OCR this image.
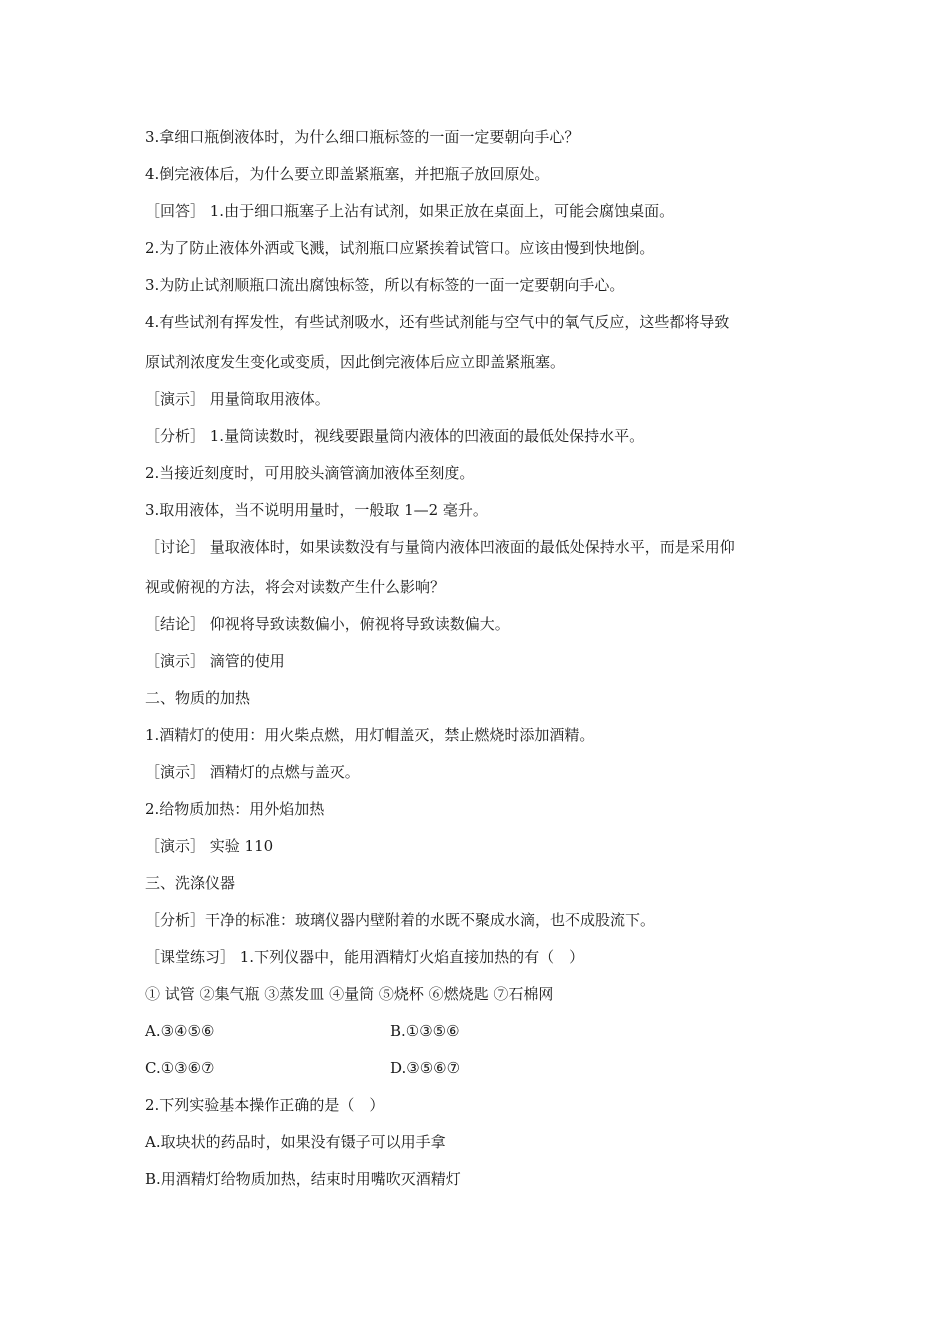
3.拿细口瓶倒液体时，为什么细口瓶标签的一面一定要朝向手心？
4.倒完液体后，为什么要立即盖紧瓶塞，并把瓶子放回原处。
［回答］ 1.由于细口瓶塞子上沾有试剂，如果正放在桌面上，可能会腐蚀桌面。
2.为了防止液体外洒或飞溅，试剂瓶口应紧挨着试管口。应该由慢到快地倒。
3.为防止试剂顺瓶口流出腐蚀标签，所以有标签的一面一定要朝向手心。
4.有些试剂有挥发性，有些试剂吸水，还有些试剂能与空气中的氧气反应，这些都将导致
原试剂浓度发生变化或变质，因此倒完液体后应立即盖紧瓶塞。
［演示］ 用量筒取用液体。
［分析］ 1.量筒读数时，视线要跟量筒内液体的凹液面的最低处保持水平。
2.当接近刻度时，可用胶头滴管滴加液体至刻度。
3.取用液体，当不说明用量时，一般取 1—2 毫升。
［讨论］ 量取液体时，如果读数没有与量筒内液体凹液面的最低处保持水平，而是采用仰
视或俯视的方法，将会对读数产生什么影响？
［结论］ 仰视将导致读数偏小，俯视将导致读数偏大。
［演示］ 滴管的使用
二、物质的加热
1.酒精灯的使用：用火柴点燃，用灯帽盖灭，禁止燃烧时添加酒精。
［演示］ 酒精灯的点燃与盖灭。
2.给物质加热：用外焰加热
［演示］ 实验 110
三、洗涤仪器
［分析］干净的标准：玻璃仪器内壁附着的水既不聚成水滴，也不成股流下。
［课堂练习］ 1.下列仪器中，能用酒精灯火焰直接加热的有（　）
① 试管 ②集气瓶 ③蒸发皿 ④量筒 ⑤烧杯 ⑥燃烧匙 ⑦石棉网
A.③④⑤⑥	B.①③⑤⑥
C.①③⑥⑦	D.③⑤⑥⑦
2.下列实验基本操作正确的是（　）
A.取块状的药品时，如果没有镊子可以用手拿
B.用酒精灯给物质加热，结束时用嘴吹灭酒精灯
